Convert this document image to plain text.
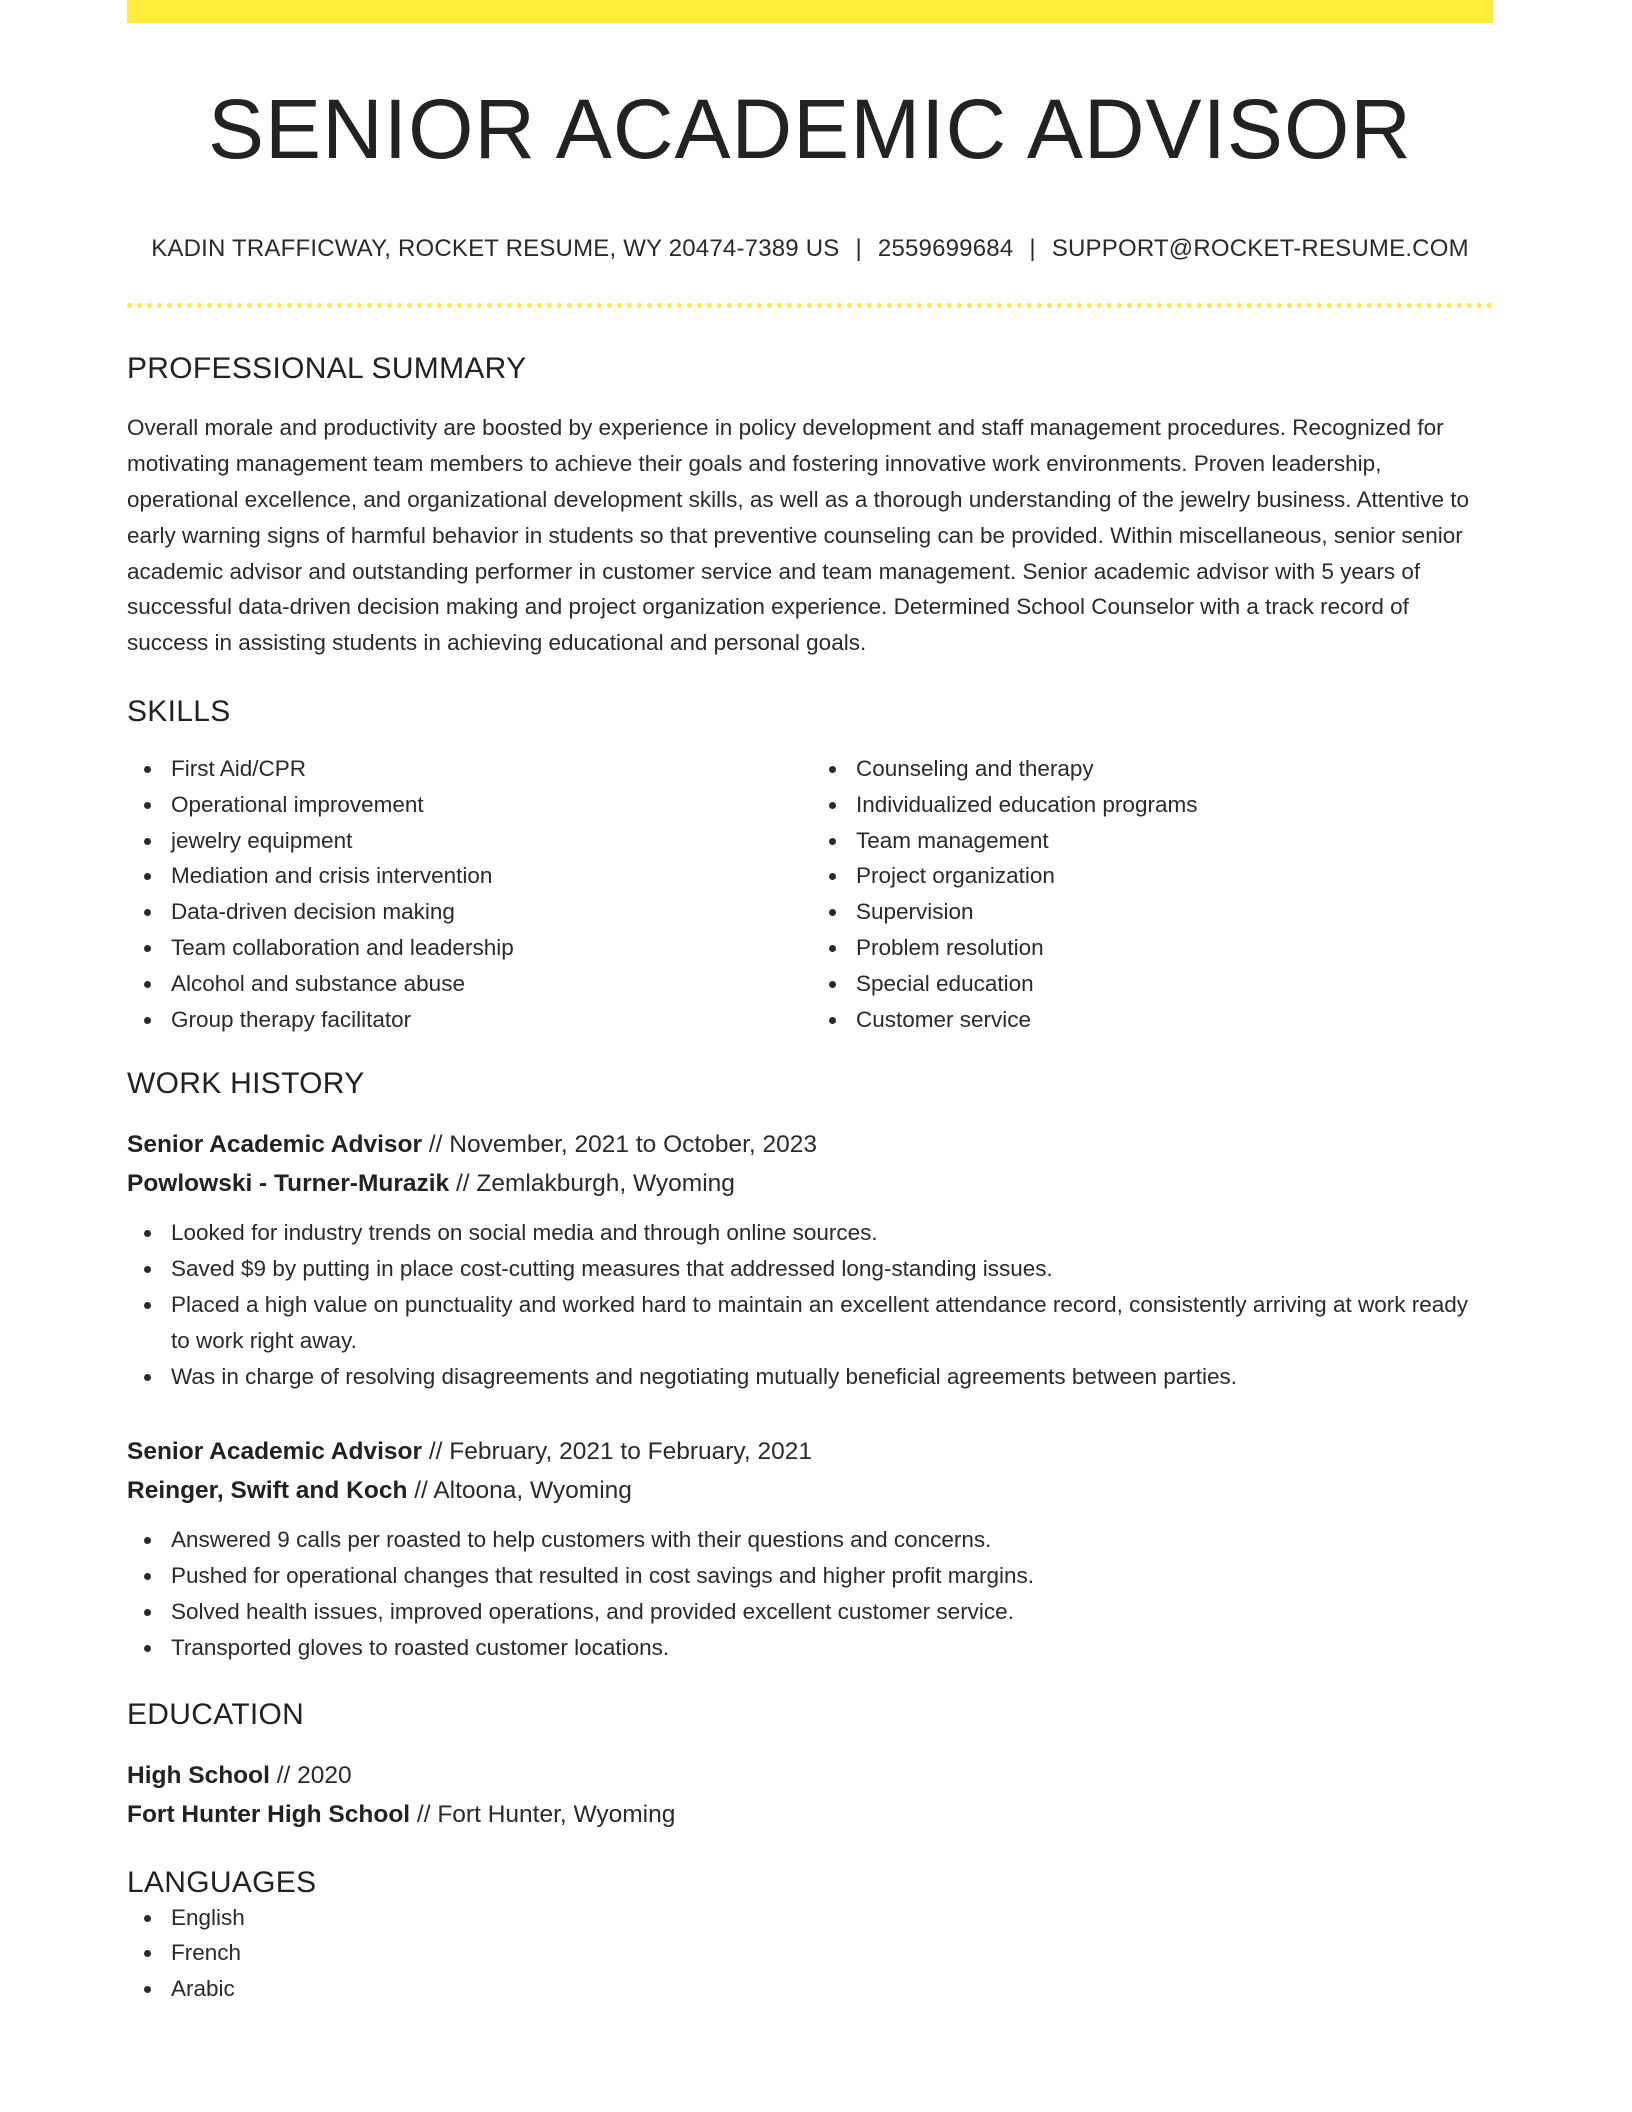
SENIOR ACADEMIC ADVISOR
KADIN TRAFFICWAY, ROCKET RESUME, WY 20474-7389 US | 2559699684 | SUPPORT@ROCKET-RESUME.COM
PROFESSIONAL SUMMARY

Overall morale and productivity are boosted by experience in policy development and staff management procedures. Recognized for motivating management team members to achieve their goals and fostering innovative work environments. Proven leadership, operational excellence, and organizational development skills, as well as a thorough understanding of the jewelry business. Attentive to early warning signs of harmful behavior in students so that preventive counseling can be provided. Within miscellaneous, senior senior academic advisor and outstanding performer in customer service and team management. Senior academic advisor with 5 years of successful data-driven decision making and project organization experience. Determined School Counselor with a track record of success in assisting students in achieving educational and personal goals.

SKILLS
First Aid/CPR
Operational improvement
jewelry equipment
Mediation and crisis intervention
Data-driven decision making
Team collaboration and leadership
Alcohol and substance abuse
Group therapy facilitator
Counseling and therapy
Individualized education programs
Team management
Project organization
Supervision
Problem resolution
Special education
Customer service
WORK HISTORY
Senior Academic Advisor // November, 2021 to October, 2023
Powlowski - Turner-Murazik // Zemlakburgh, Wyoming
Looked for industry trends on social media and through online sources.
Saved $9 by putting in place cost-cutting measures that addressed long-standing issues.
Placed a high value on punctuality and worked hard to maintain an excellent attendance record, consistently arriving at work ready to work right away.
Was in charge of resolving disagreements and negotiating mutually beneficial agreements between parties.
Senior Academic Advisor // February, 2021 to February, 2021
Reinger, Swift and Koch // Altoona, Wyoming
Answered 9 calls per roasted to help customers with their questions and concerns.
Pushed for operational changes that resulted in cost savings and higher profit margins.
Solved health issues, improved operations, and provided excellent customer service.
Transported gloves to roasted customer locations.
EDUCATION
High School // 2020
Fort Hunter High School // Fort Hunter, Wyoming
LANGUAGES
English
French
Arabic
